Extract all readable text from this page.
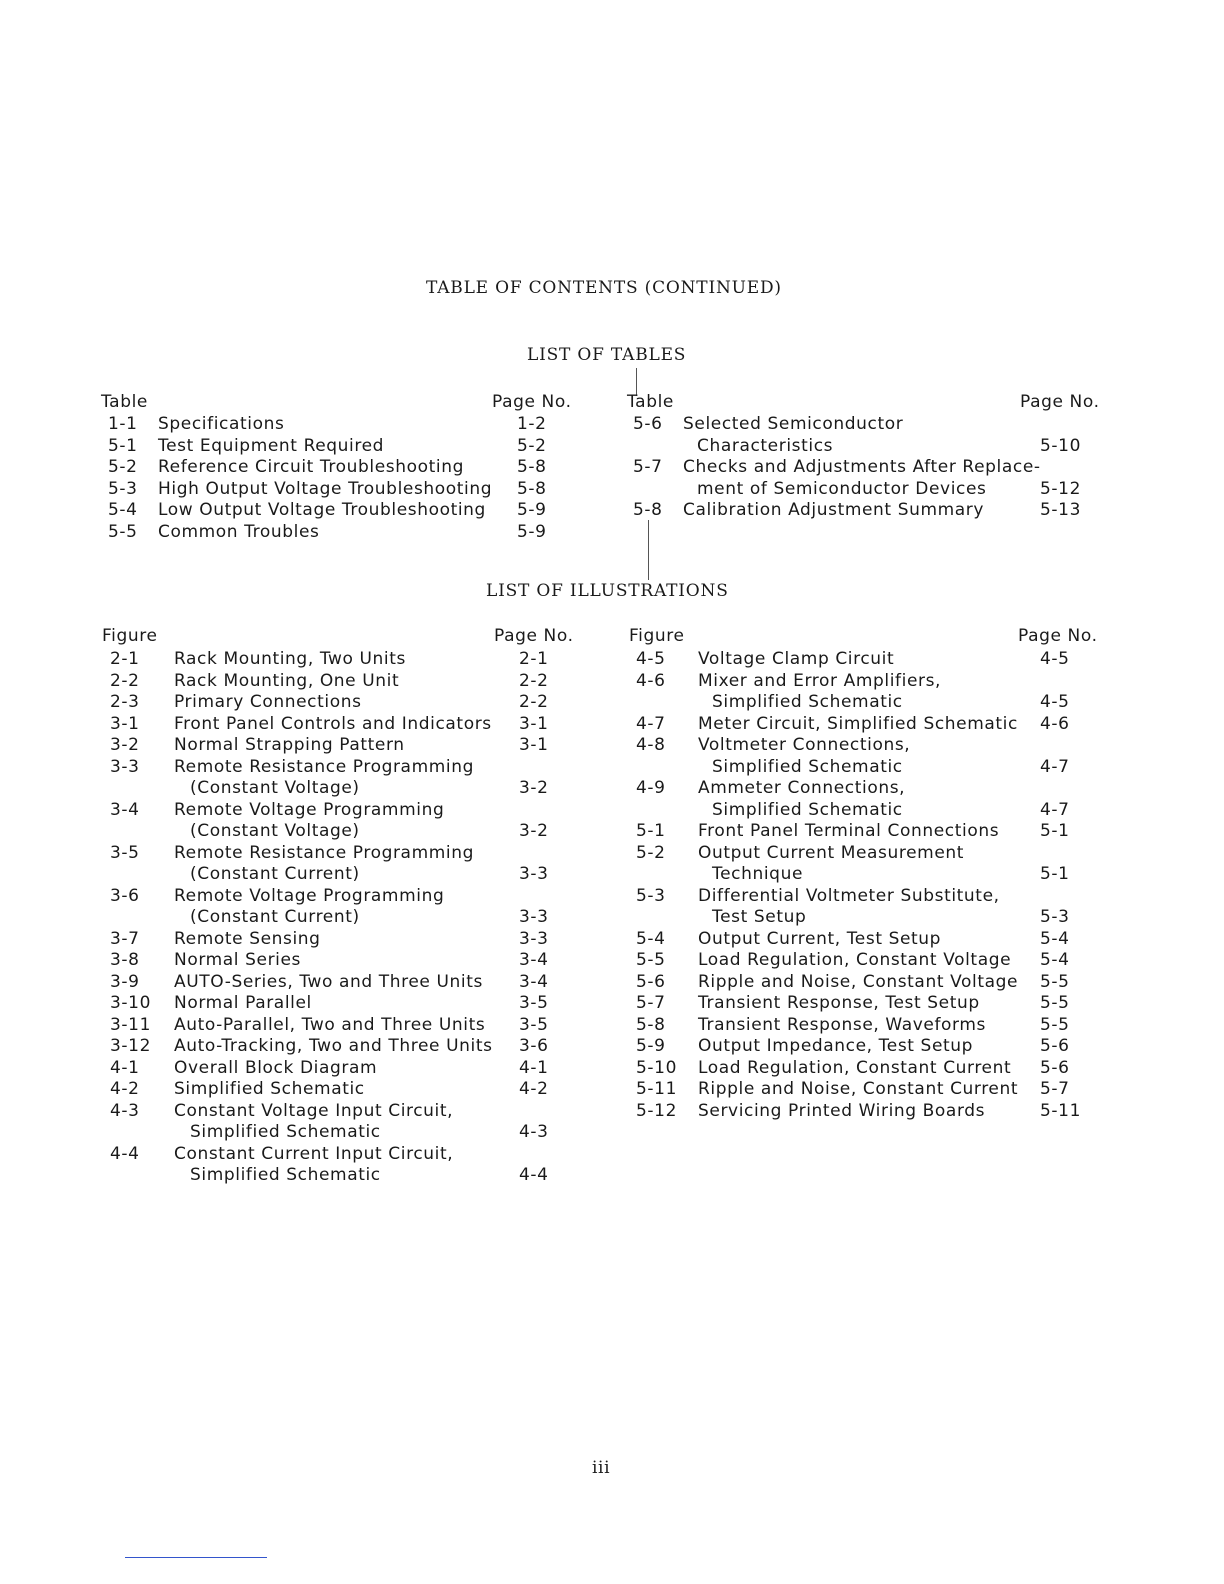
TABLE OF CONTENTS (CONTINUED)
LIST OF TABLES
Table	Page No.	Table	Page No.
1-1 Specifications	1-2
5-1 Test Equipment Required	5-2
5-2 Reference Circuit Troubleshooting	5-8
5-3 High Output Voltage Troubleshooting 5-8
5-4 Low Output Voltage Troubleshooting 5-9
5-5 Common Troubles	5-9
5-6 Selected Semiconductor
Characteristics	5-10
5-7 Checks and Adjustments After Replace-
ment of Semiconductor Devices	5-12
5-8 Calibration Adjustment Summary	5-13
LIST OF ILLUSTRATIONS
Figure	Page No.	Figure	Page No.
2-1 Rack Mounting, Two Units	2-1
2-2 Rack Mounting, One Unit	2-2
2-3 Primary Connections	2-2
3-1 Front Panel Controls and Indicators 3-1
3-2 Normal Strapping Pattern	3-1
3-3 Remote Resistance Programming
(Constant Voltage)	3-2
3-4 Remote Voltage Programming
(Constant Voltage)	3-2
3-5 Remote Resistance Programming
(Constant Current)	3-3
3-6 Remote Voltage Programming
(Constant Current)	3-3
3-7 Remote Sensing	3-3
3-8 Normal Series	3-4
3-9 AUTO-Series, Two and Three Units 3-4
3-10 Normal Parallel	3-5
3-11 Auto-Parallel, Two and Three Units 3-5
3-12 Auto-Tracking, Two and Three Units 3-6
4-1 Overall Block Diagram	4-1
4-2 Simplified Schematic	4-2
4-3 Constant Voltage Input Circuit,
Simplified Schematic	4-3
4-4 Constant Current Input Circuit,
Simplified Schematic	4-4
4-5 Voltage Clamp Circuit	4-5
4-6 Mixer and Error Amplifiers,
Simplified Schematic	4-5
4-7 Meter Circuit, Simplified Schematic 4-6
4-8 Voltmeter Connections,
Simplified Schematic	4-7
4-9 Ammeter Connections,
Simplified Schematic	4-7
5-1 Front Panel Terminal Connections 5-1
5-2 Output Current Measurement
Technique	5-1
5-3 Differential Voltmeter Substitute,
Test Setup	5-3
5-4 Output Current, Test Setup	5-4
5-5 Load Regulation, Constant Voltage 5-4
5-6 Ripple and Noise, Constant Voltage 5-5
5-7 Transient Response, Test Setup	5-5
5-8 Transient Response, Waveforms	5-5
5-9 Output Impedance, Test Setup	5-6
5-10 Load Regulation, Constant Current 5-6
5-11 Ripple and Noise, Constant Current 5-7
5-12 Servicing Printed Wiring Boards	5-11
iii
